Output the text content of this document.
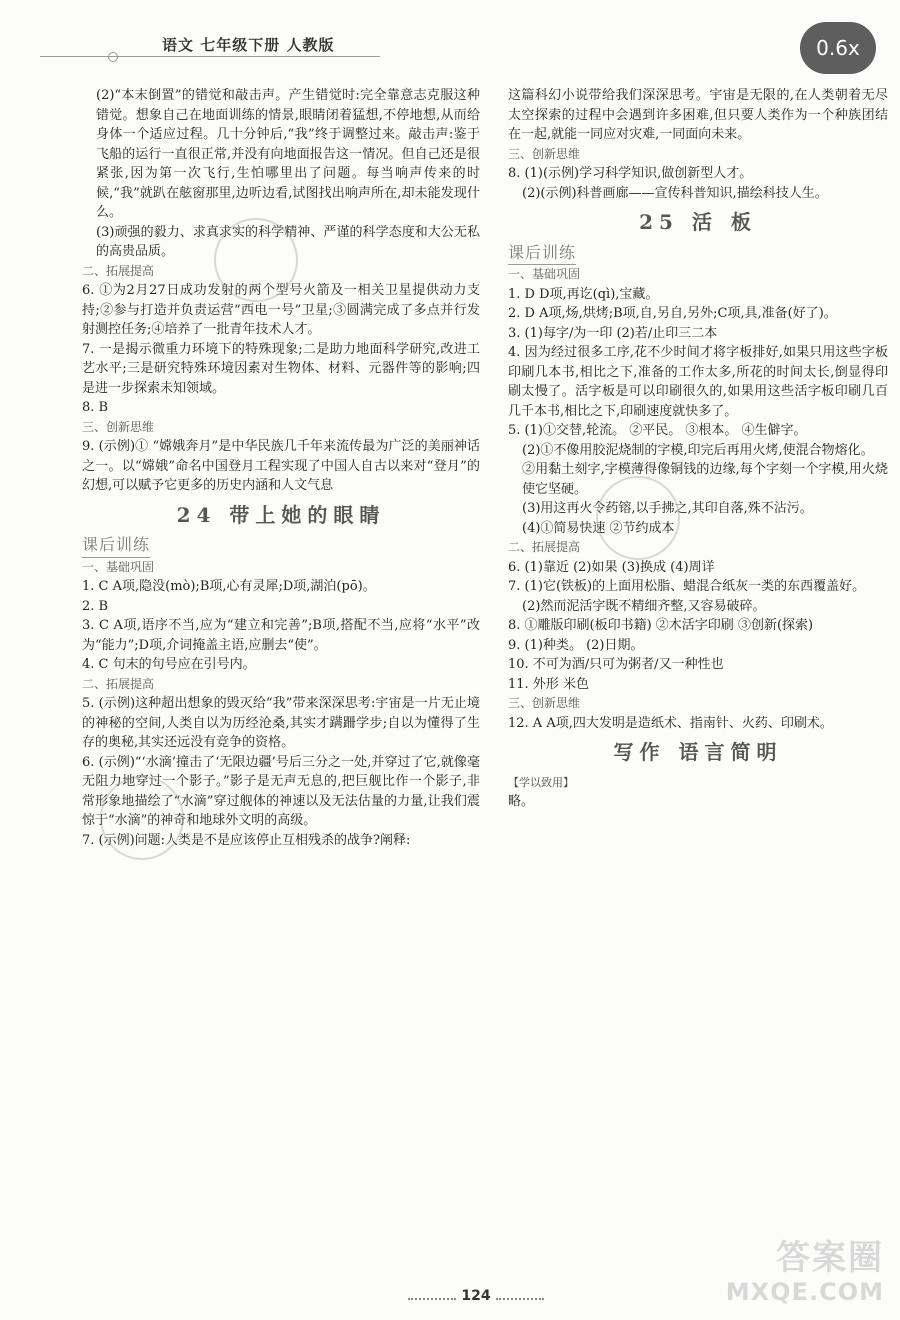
语文 七年级下册 人教版	0.6x

(2)“本末倒置”的错觉和敲击声。产生错觉时:完全靠意志克服这种错觉。想象自己在地面训练的情景,眼睛闭着猛想,不停地想,从而给身体一个适应过程。几十分钟后,“我”终于调整过来。敲击声:鉴于飞船的运行一直很正常,并没有向地面报告这一情况。但自己还是很紧张,因为第一次飞行,生怕哪里出了问题。每当响声传来的时候,“我”就趴在舷窗那里,边听边看,试图找出响声所在,却未能发现什么。

(3)顽强的毅力、求真求实的科学精神、严谨的科学态度和大公无私的高贵品质。

二、拓展提高

6. ①为2月27日成功发射的两个型号火箭及一相关卫星提供动力支持;②参与打造并负责运营“西电一号”卫星;③圆满完成了多点并行发射测控任务;④培养了一批青年技术人才。

7. 一是揭示微重力环境下的特殊现象;二是助力地面科学研究,改进工艺水平;三是研究特殊环境因素对生物体、材料、元器件等的影响;四是进一步探索未知领域。

8. B

三、创新思维

9. (示例)① “嫦娥奔月”是中华民族几千年来流传最为广泛的美丽神话之一。以“嫦娥”命名中国登月工程实现了中国人自古以来对“登月”的幻想,可以赋予它更多的历史内涵和人文气息

24 带上她的眼睛
课后训练

一、基础巩固

1. C A项,隐没(mò);B项,心有灵犀;D项,湖泊(pō)。

2. B

3. C A项,语序不当,应为“建立和完善”;B项,搭配不当,应将“水平”改为“能力”;D项,介词掩盖主语,应删去“使”。

4. C 句末的句号应在引号内。

二、拓展提高

5. (示例)这种超出想象的毁灭给“我”带来深深思考:宇宙是一片无止境的神秘的空间,人类自以为历经沧桑,其实才蹒跚学步;自以为懂得了生存的奥秘,其实还远没有竞争的资格。

6. (示例)“‘水滴’撞击了‘无限边疆’号后三分之一处,并穿过了它,就像毫无阻力地穿过一个影子。”影子是无声无息的,把巨舰比作一个影子,非常形象地描绘了“水滴”穿过舰体的神速以及无法估量的力量,让我们震惊于“水滴”的神奇和地球外文明的高级。

7. (示例)问题:人类是不是应该停止互相残杀的战争?阐释:

这篇科幻小说带给我们深深思考。宇宙是无限的,在人类朝着无尽太空探索的过程中会遇到许多困难,但只要人类作为一个种族团结在一起,就能一同应对灾难,一同面向未来。

三、创新思维

8. (1)(示例)学习科学知识,做创新型人才。

(2)(示例)科普画廊——宣传科普知识,描绘科技人生。

25 活 板
课后训练

一、基础巩固

1. D D项,再讫(qì),宝藏。

2. D A项,炀,烘烤;B项,自,另自,另外;C项,具,准备(好了)。

3. (1)每字/为一印 (2)若/止印三二本

4. 因为经过很多工序,花不少时间才将字板排好,如果只用这些字板印刷几本书,相比之下,准备的工作太多,所花的时间太长,倒显得印刷太慢了。活字板是可以印刷很久的,如果用这些活字板印刷几百几千本书,相比之下,印刷速度就快多了。

5. (1)①交替,轮流。 ②平民。 ③根本。 ④生僻字。

(2)①不像用胶泥烧制的字模,印完后再用火烤,使混合物熔化。

②用黏土刻字,字模薄得像铜钱的边缘,每个字刻一个字模,用火烧使它坚硬。

(3)用这再火令药镕,以手拂之,其印自落,殊不沾污。

(4)①简易快速 ②节约成本

二、拓展提高

6. (1)靠近 (2)如果 (3)换成 (4)周详

7. (1)它(铁板)的上面用松脂、蜡混合纸灰一类的东西覆盖好。

(2)然而泥活字既不精细齐整,又容易破碎。

8. ①雕版印刷(板印书籍) ②木活字印刷 ③创新(探索)

9. (1)种类。 (2)日期。

10. 不可为酒/只可为粥者/又一种性也

11. 外形 米色

三、创新思维

12. A A项,四大发明是造纸术、指南针、火药、印刷术。

写作 语言简明

【学以致用】

略。

124
答案圈
MXQE.COM
